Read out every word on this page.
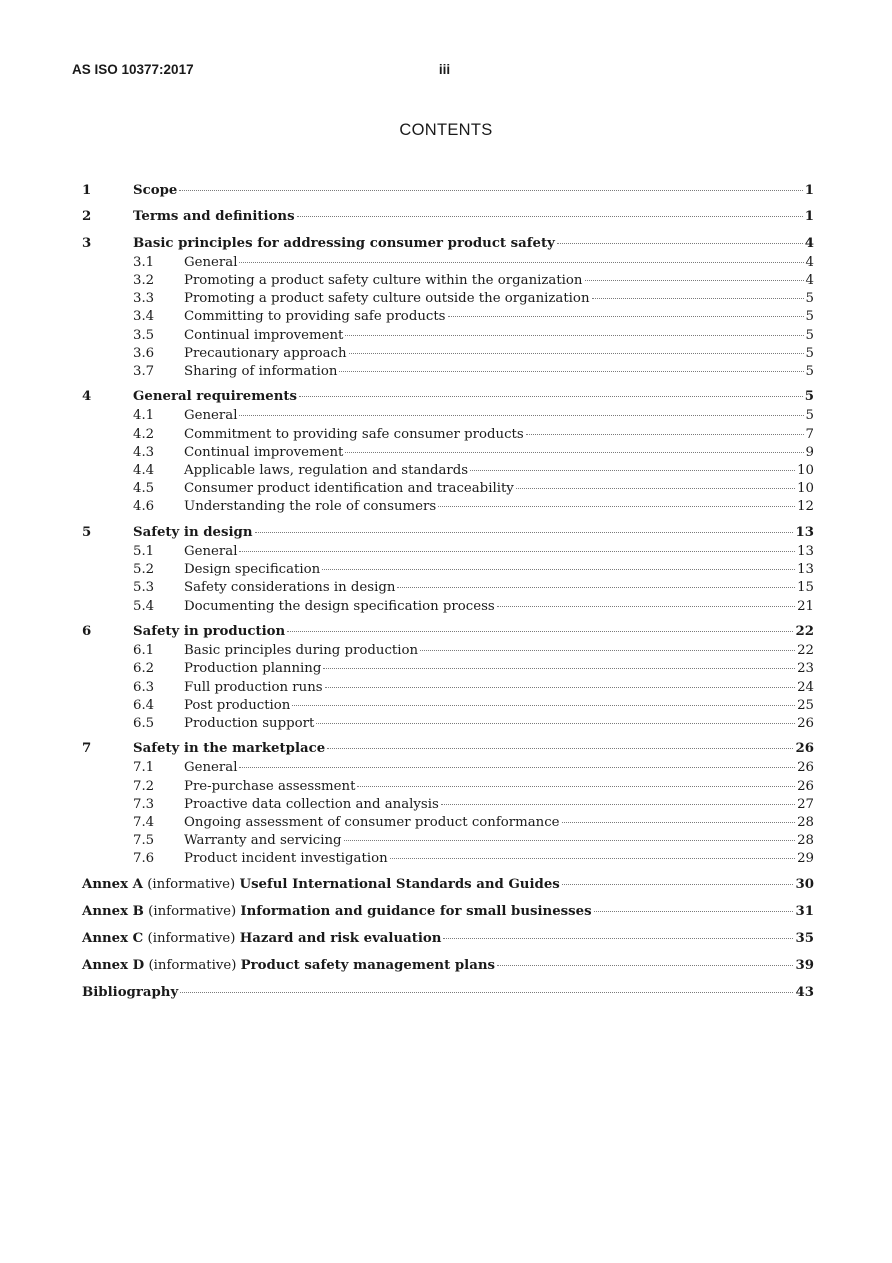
AS ISO 10377:2017	iii
CONTENTS
1	Scope	1
2	Terms and definitions	1
3	Basic principles for addressing consumer product safety	4
3.1	General	4
3.2	Promoting a product safety culture within the organization	4
3.3	Promoting a product safety culture outside the organization	5
3.4	Committing to providing safe products	5
3.5	Continual improvement	5
3.6	Precautionary approach	5
3.7	Sharing of information	5
4	General requirements	5
4.1	General	5
4.2	Commitment to providing safe consumer products	7
4.3	Continual improvement	9
4.4	Applicable laws, regulation and standards	10
4.5	Consumer product identification and traceability	10
4.6	Understanding the role of consumers	12
5	Safety in design	13
5.1	General	13
5.2	Design specification	13
5.3	Safety considerations in design	15
5.4	Documenting the design specification process	21
6	Safety in production	22
6.1	Basic principles during production	22
6.2	Production planning	23
6.3	Full production runs	24
6.4	Post production	25
6.5	Production support	26
7	Safety in the marketplace	26
7.1	General	26
7.2	Pre-purchase assessment	26
7.3	Proactive data collection and analysis	27
7.4	Ongoing assessment of consumer product conformance	28
7.5	Warranty and servicing	28
7.6	Product incident investigation	29
Annex A (informative) Useful International Standards and Guides	30
Annex B (informative) Information and guidance for small businesses	31
Annex C (informative) Hazard and risk evaluation	35
Annex D (informative) Product safety management plans	39
Bibliography	43
